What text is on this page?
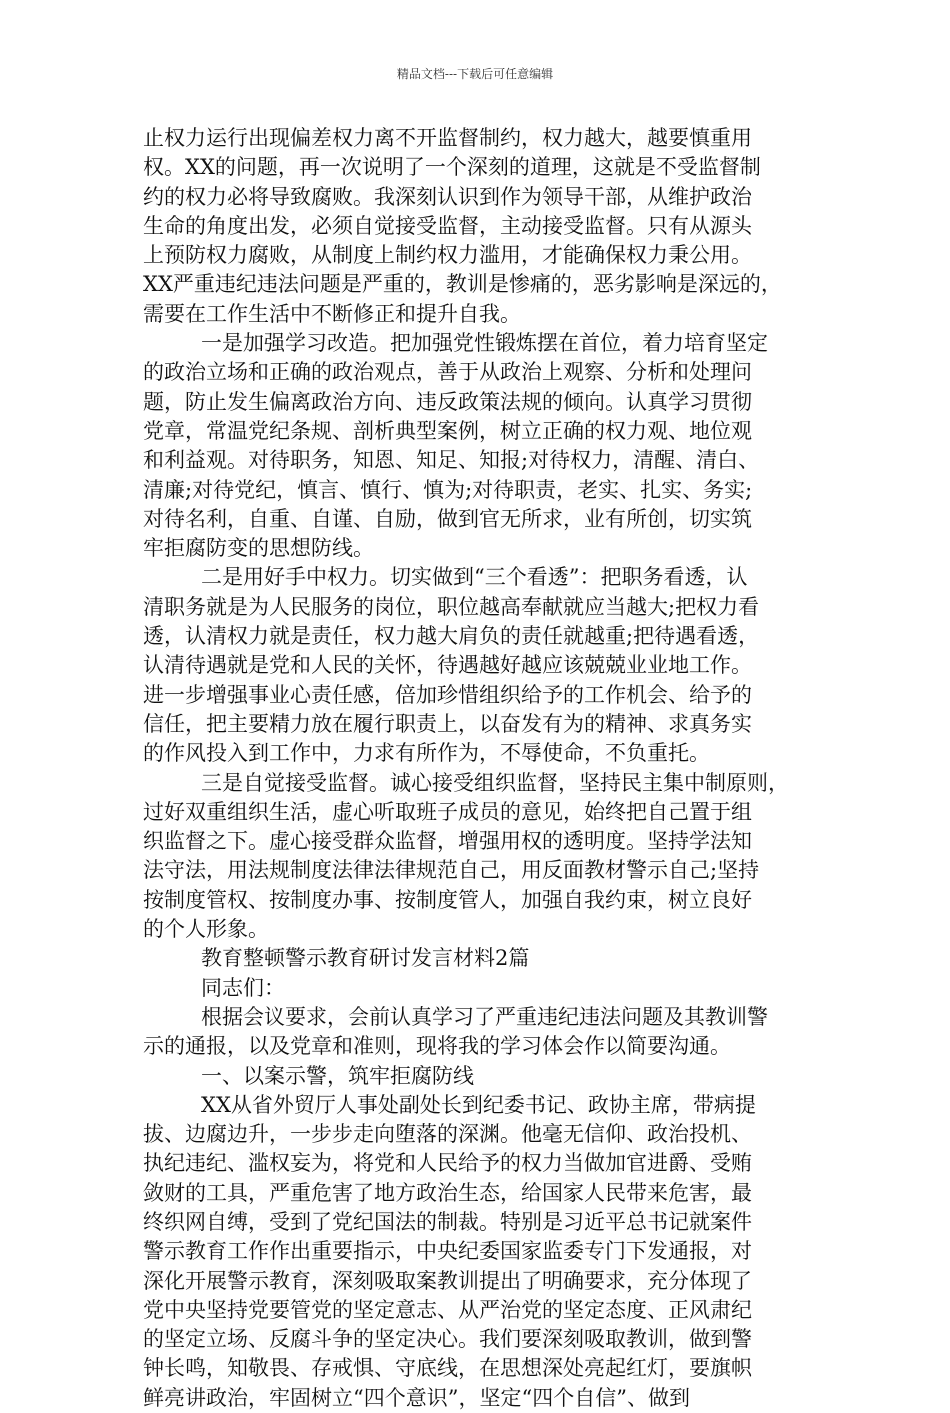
精品文档---下载后可任意编辑
止权力运行出现偏差权力离不开监督制约，权力越大，越要慎重用
权。XX的问题，再一次说明了一个深刻的道理，这就是不受监督制
约的权力必将导致腐败。我深刻认识到作为领导干部，从维护政治
生命的角度出发，必须自觉接受监督，主动接受监督。只有从源头
上预防权力腐败，从制度上制约权力滥用，才能确保权力秉公用。
XX严重违纪违法问题是严重的，教训是惨痛的，恶劣影响是深远的，
需要在工作生活中不断修正和提升自我。
一是加强学习改造。把加强党性锻炼摆在首位，着力培育坚定
的政治立场和正确的政治观点，善于从政治上观察、分析和处理问
题，防止发生偏离政治方向、违反政策法规的倾向。认真学习贯彻
党章，常温党纪条规、剖析典型案例，树立正确的权力观、地位观
和利益观。对待职务，知恩、知足、知报;对待权力，清醒、清白、
清廉;对待党纪，慎言、慎行、慎为;对待职责，老实、扎实、务实;
对待名利，自重、自谨、自励，做到官无所求，业有所创，切实筑
牢拒腐防变的思想防线。
二是用好手中权力。切实做到“三个看透”：把职务看透，认
清职务就是为人民服务的岗位，职位越高奉献就应当越大;把权力看
透，认清权力就是责任，权力越大肩负的责任就越重;把待遇看透，
认清待遇就是党和人民的关怀，待遇越好越应该兢兢业业地工作。
进一步增强事业心责任感，倍加珍惜组织给予的工作机会、给予的
信任，把主要精力放在履行职责上，以奋发有为的精神、求真务实
的作风投入到工作中，力求有所作为，不辱使命，不负重托。
三是自觉接受监督。诚心接受组织监督，坚持民主集中制原则，
过好双重组织生活，虚心听取班子成员的意见，始终把自己置于组
织监督之下。虚心接受群众监督，增强用权的透明度。坚持学法知
法守法，用法规制度法律法律规范自己，用反面教材警示自己;坚持
按制度管权、按制度办事、按制度管人，加强自我约束，树立良好
的个人形象。
教育整顿警示教育研讨发言材料2篇
同志们：
根据会议要求，会前认真学习了严重违纪违法问题及其教训警
示的通报，以及党章和准则，现将我的学习体会作以简要沟通。
一、以案示警，筑牢拒腐防线
XX从省外贸厅人事处副处长到纪委书记、政协主席，带病提
拔、边腐边升，一步步走向堕落的深渊。他毫无信仰、政治投机、
执纪违纪、滥权妄为，将党和人民给予的权力当做加官进爵、受贿
敛财的工具，严重危害了地方政治生态，给国家人民带来危害，最
终织网自缚，受到了党纪国法的制裁。特别是习近平总书记就案件
警示教育工作作出重要指示，中央纪委国家监委专门下发通报，对
深化开展警示教育，深刻吸取案教训提出了明确要求，充分体现了
党中央坚持党要管党的坚定意志、从严治党的坚定态度、正风肃纪
的坚定立场、反腐斗争的坚定决心。我们要深刻吸取教训，做到警
钟长鸣，知敬畏、存戒惧、守底线，在思想深处亮起红灯，要旗帜
鲜亮讲政治，牢固树立“四个意识”，坚定“四个自信”、做到
